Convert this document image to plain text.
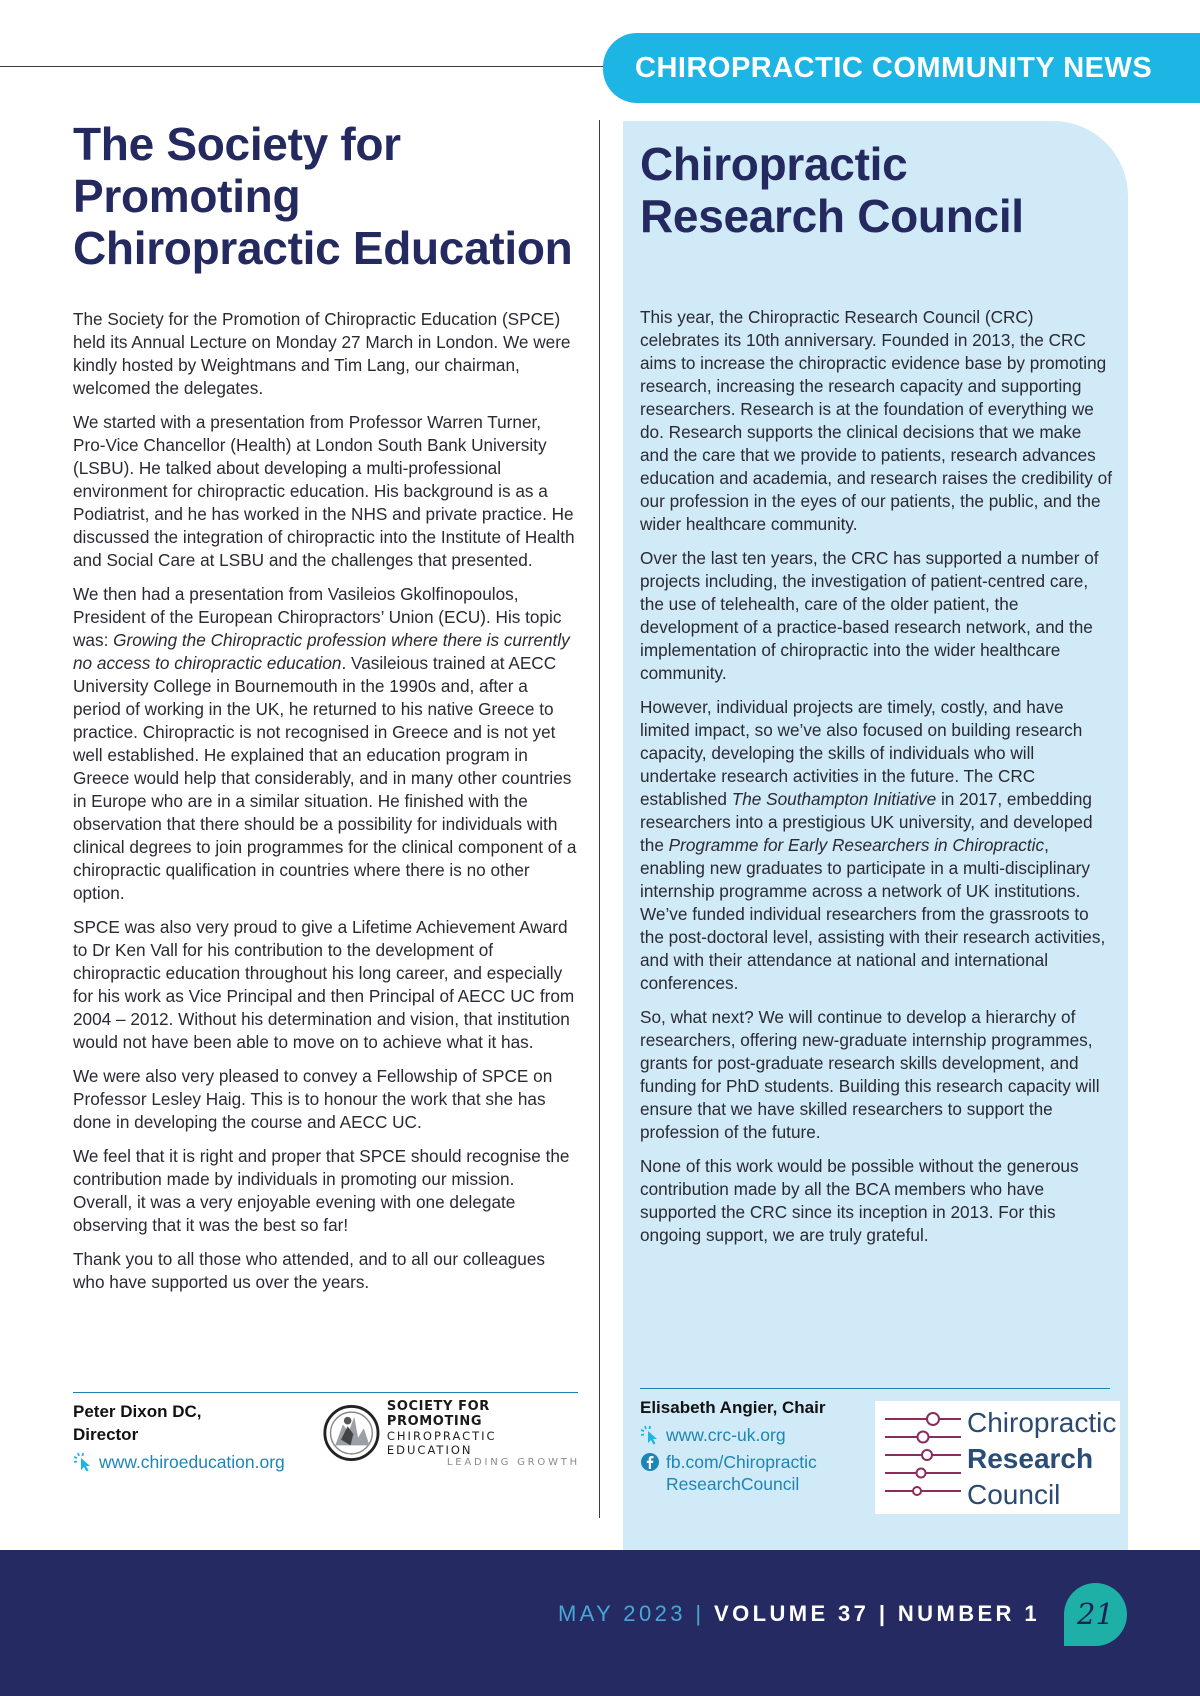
CHIROPRACTIC COMMUNITY NEWS
The Society for Promoting Chiropractic Education

The Society for the Promotion of Chiropractic Education (SPCE) held its Annual Lecture on Monday 27 March in London. We were kindly hosted by Weightmans and Tim Lang, our chairman, welcomed the delegates.

We started with a presentation from Professor Warren Turner, Pro-Vice Chancellor (Health) at London South Bank University (LSBU). He talked about developing a multi-professional environment for chiropractic education. His background is as a Podiatrist, and he has worked in the NHS and private practice. He discussed the integration of chiropractic into the Institute of Health and Social Care at LSBU and the challenges that presented.

We then had a presentation from Vasileios Gkolfinopoulos, President of the European Chiropractors’ Union (ECU). His topic was: Growing the Chiropractic profession where there is currently no access to chiropractic education. Vasileious trained at AECC University College in Bournemouth in the 1990s and, after a period of working in the UK, he returned to his native Greece to practice. Chiropractic is not recognised in Greece and is not yet well established. He explained that an education program in Greece would help that considerably, and in many other countries in Europe who are in a similar situation. He finished with the observation that there should be a possibility for individuals with clinical degrees to join programmes for the clinical component of a chiropractic qualification in countries where there is no other option.

SPCE was also very proud to give a Lifetime Achievement Award to Dr Ken Vall for his contribution to the development of chiropractic education throughout his long career, and especially for his work as Vice Principal and then Principal of AECC UC from 2004 – 2012. Without his determination and vision, that institution would not have been able to move on to achieve what it has.

We were also very pleased to convey a Fellowship of SPCE on Professor Lesley Haig. This is to honour the work that she has done in developing the course and AECC UC.

We feel that it is right and proper that SPCE should recognise the contribution made by individuals in promoting our mission. Overall, it was a very enjoyable evening with one delegate observing that it was the best so far!

Thank you to all those who attended, and to all our colleagues who have supported us over the years.

Peter Dixon DC,
Director
www.chiroeducation.org
SOCIETY FOR PROMOTING
CHIROPRACTIC EDUCATION
LEADING GROWTH
Chiropractic Research Council

This year, the Chiropractic Research Council (CRC) celebrates its 10th anniversary. Founded in 2013, the CRC aims to increase the chiropractic evidence base by promoting research, increasing the research capacity and supporting researchers. Research is at the foundation of everything we do. Research supports the clinical decisions that we make and the care that we provide to patients, research advances education and academia, and research raises the credibility of our profession in the eyes of our patients, the public, and the wider healthcare community.

Over the last ten years, the CRC has supported a number of projects including, the investigation of patient-centred care, the use of telehealth, care of the older patient, the development of a practice-based research network, and the implementation of chiropractic into the wider healthcare community.

However, individual projects are timely, costly, and have limited impact, so we’ve also focused on building research capacity, developing the skills of individuals who will undertake research activities in the future. The CRC established The Southampton Initiative in 2017, embedding researchers into a prestigious UK university, and developed the Programme for Early Researchers in Chiropractic, enabling new graduates to participate in a multi-disciplinary internship programme across a network of UK institutions. We’ve funded individual researchers from the grassroots to the post-doctoral level, assisting with their research activities, and with their attendance at national and international conferences.

So, what next? We will continue to develop a hierarchy of researchers, offering new-graduate internship programmes, grants for post-graduate research skills development, and funding for PhD students. Building this research capacity will ensure that we have skilled researchers to support the profession of the future.

None of this work would be possible without the generous contribution made by all the BCA members who have supported the CRC since its inception in 2013. For this ongoing support, we are truly grateful.

Elisabeth Angier, Chair
www.crc-uk.org
fb.com/Chiropractic ResearchCouncil
Chiropractic
Research
Council
MAY 2023 | VOLUME 37 | NUMBER 1	21
